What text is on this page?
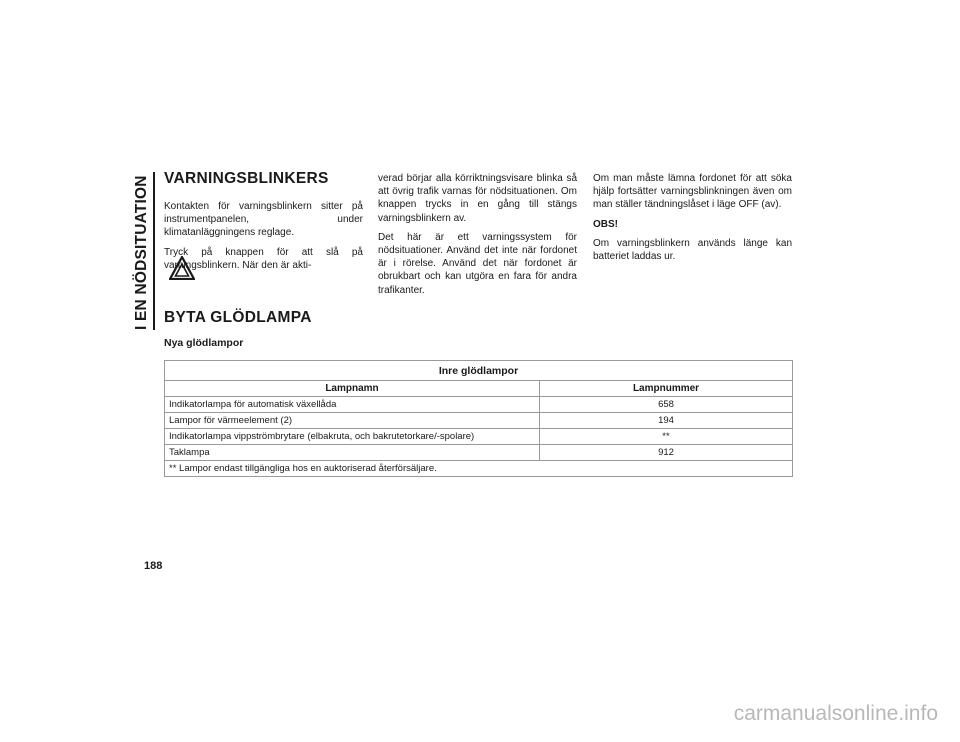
I EN NÖDSITUATION VARNINGSBLINKERS

Kontakten för varningsblinkern sitter på instrumentpanelen, under klimatanläggningens reglage.

Tryck på knappen för att slå på varningsblinkern. När den är akti-

verad börjar alla körriktningsvisare blinka så att övrig trafik varnas för nödsituationen. Om knappen trycks in en gång till stängs varningsblinkern av.

Det här är ett varningssystem för nödsituationer. Använd det inte när fordonet är i rörelse. Använd det när fordonet är obrukbart och kan utgöra en fara för andra trafikanter.

Om man måste lämna fordonet för att söka hjälp fortsätter varningsblinkningen även om man ställer tändningslåset i läge OFF (av).

OBS!

Om varningsblinkern används länge kan batteriet laddas ur.

BYTA GLÖDLAMPA

Nya glödlampor

Inre glödlampor	
Lampnamn	Lampnummer
Indikatorlampa för automatisk växellåda	658
Lampor för värmeelement (2)	194
Indikatorlampa vippströmbrytare (elbakruta, och bakrutetorkare/-spolare)	**
Taklampa	912
** Lampor endast tillgängliga hos en auktoriserad återförsäljare.	
188
carmanualsonline.info
